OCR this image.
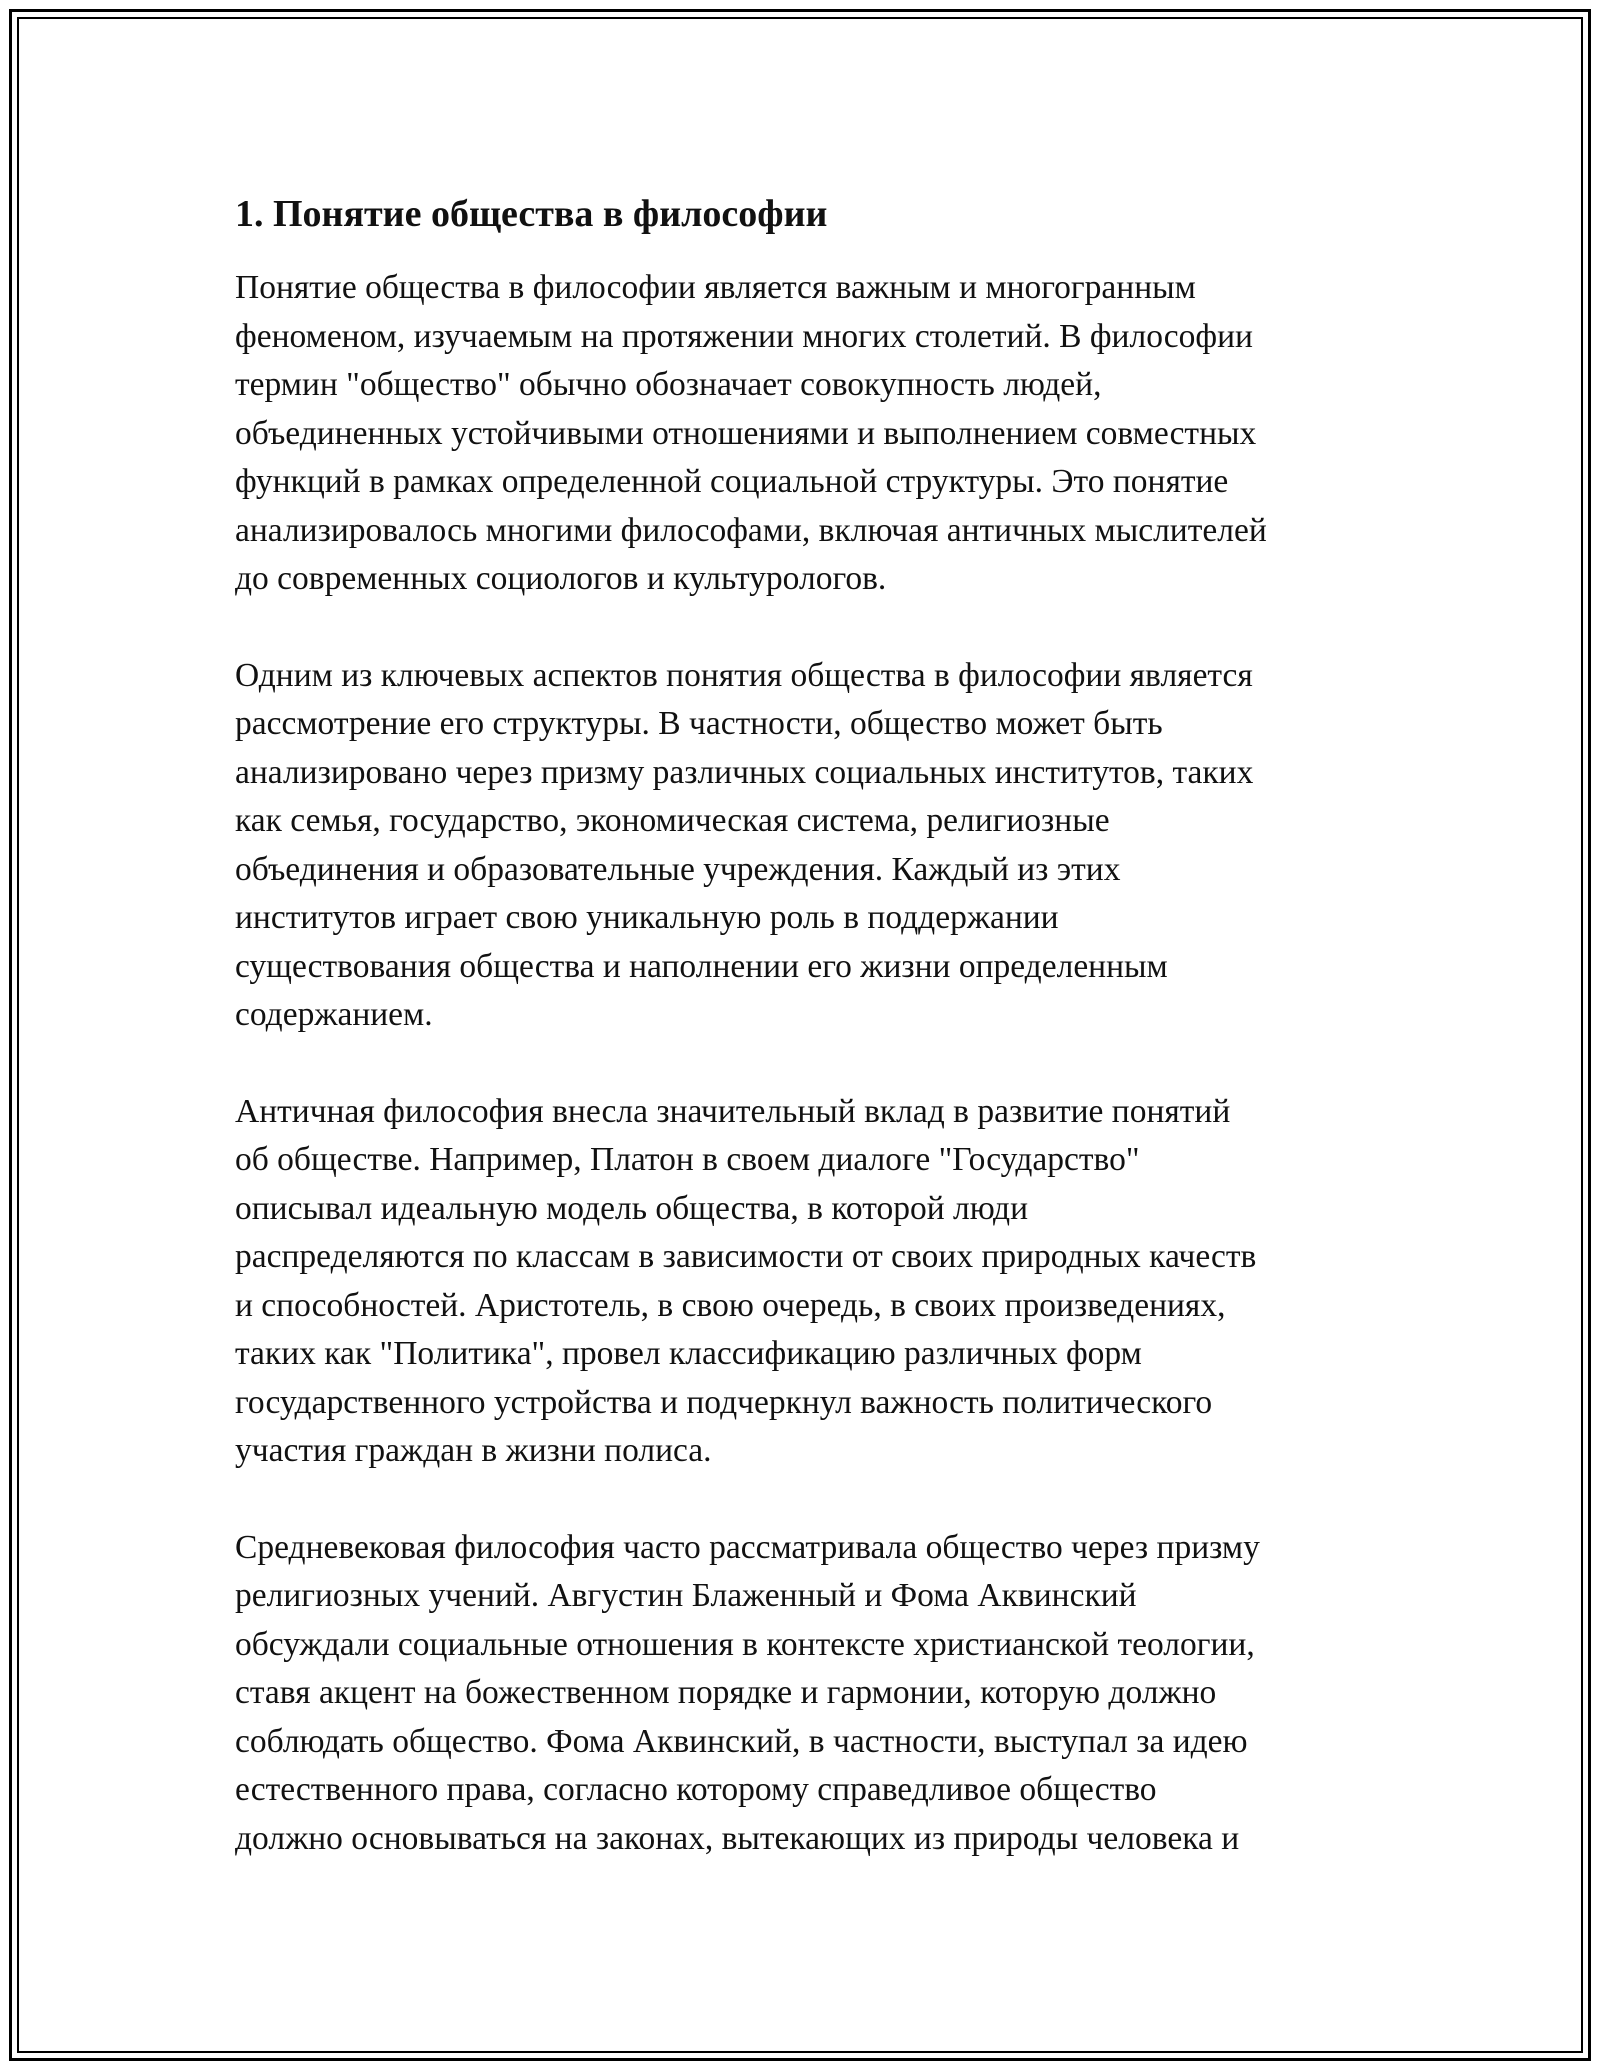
1. Понятие общества в философии

Понятие общества в философии является важным и многогранным
феноменом, изучаемым на протяжении многих столетий. В философии
термин "общество" обычно обозначает совокупность людей,
объединенных устойчивыми отношениями и выполнением совместных
функций в рамках определенной социальной структуры. Это понятие
анализировалось многими философами, включая античных мыслителей
до современных социологов и культурологов.

Одним из ключевых аспектов понятия общества в философии является
рассмотрение его структуры. В частности, общество может быть
анализировано через призму различных социальных институтов, таких
как семья, государство, экономическая система, религиозные
объединения и образовательные учреждения. Каждый из этих
институтов играет свою уникальную роль в поддержании
существования общества и наполнении его жизни определенным
содержанием.

Античная философия внесла значительный вклад в развитие понятий
об обществе. Например, Платон в своем диалоге "Государство"
описывал идеальную модель общества, в которой люди
распределяются по классам в зависимости от своих природных качеств
и способностей. Аристотель, в свою очередь, в своих произведениях,
таких как "Политика", провел классификацию различных форм
государственного устройства и подчеркнул важность политического
участия граждан в жизни полиса.

Средневековая философия часто рассматривала общество через призму
религиозных учений. Августин Блаженный и Фома Аквинский
обсуждали социальные отношения в контексте христианской теологии,
ставя акцент на божественном порядке и гармонии, которую должно
соблюдать общество. Фома Аквинский, в частности, выступал за идею
естественного права, согласно которому справедливое общество
должно основываться на законах, вытекающих из природы человека и
